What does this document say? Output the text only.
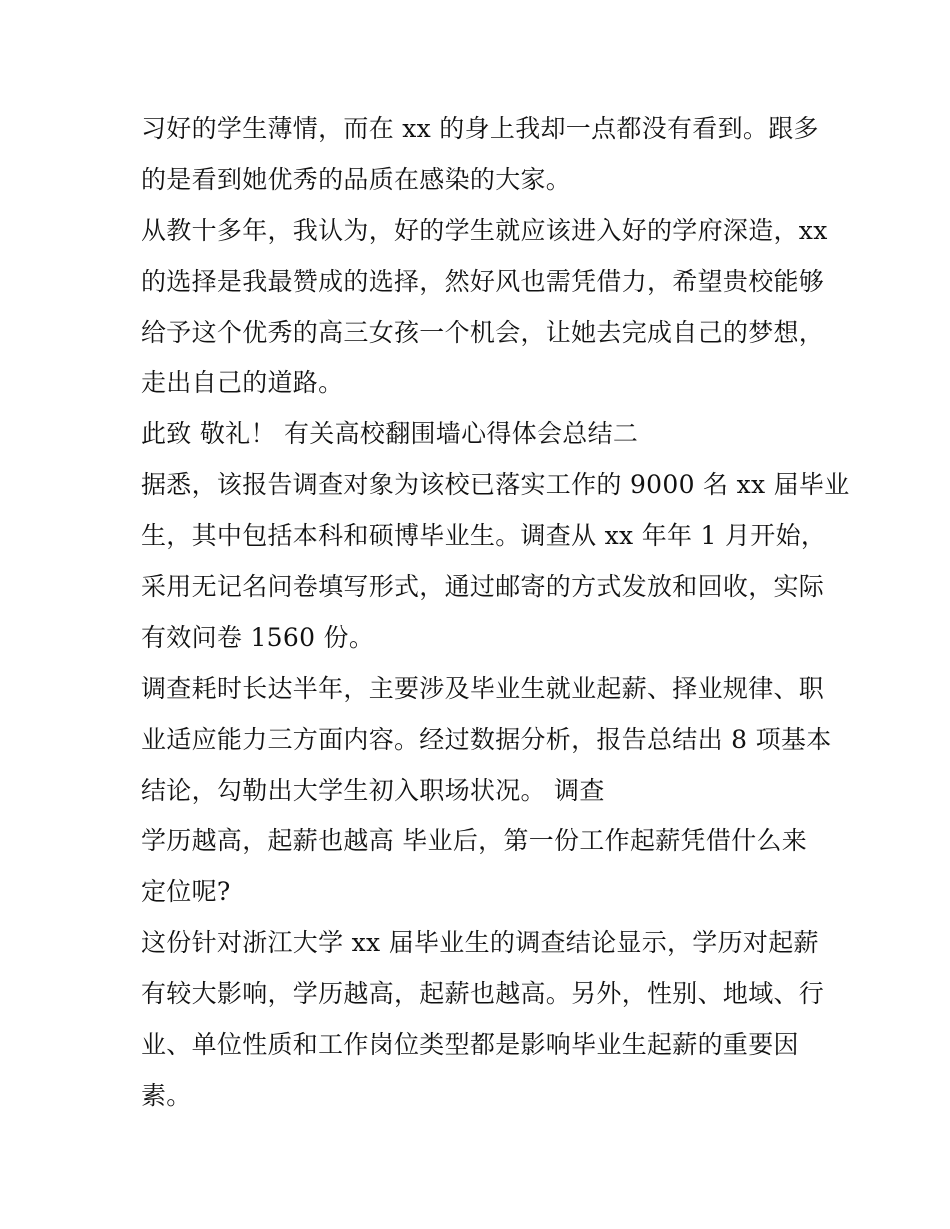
习好的学生薄情，而在 xx 的身上我却一点都没有看到。跟多
的是看到她优秀的品质在感染的大家。
从教十多年，我认为，好的学生就应该进入好的学府深造，xx
的选择是我最赞成的选择，然好风也需凭借力，希望贵校能够
给予这个优秀的高三女孩一个机会，让她去完成自己的梦想，
走出自己的道路。
此致 敬礼！ 有关高校翻围墙心得体会总结二
据悉，该报告调查对象为该校已落实工作的 9000 名 xx 届毕业
生，其中包括本科和硕博毕业生。调查从 xx 年年 1 月开始，
采用无记名问卷填写形式，通过邮寄的方式发放和回收，实际
有效问卷 1560 份。
调查耗时长达半年，主要涉及毕业生就业起薪、择业规律、职
业适应能力三方面内容。经过数据分析，报告总结出 8 项基本
结论，勾勒出大学生初入职场状况。 调查
学历越高，起薪也越高 毕业后，第一份工作起薪凭借什么来
定位呢?
这份针对浙江大学 xx 届毕业生的调查结论显示，学历对起薪
有较大影响，学历越高，起薪也越高。另外，性别、地域、行
业、单位性质和工作岗位类型都是影响毕业生起薪的重要因
素。
